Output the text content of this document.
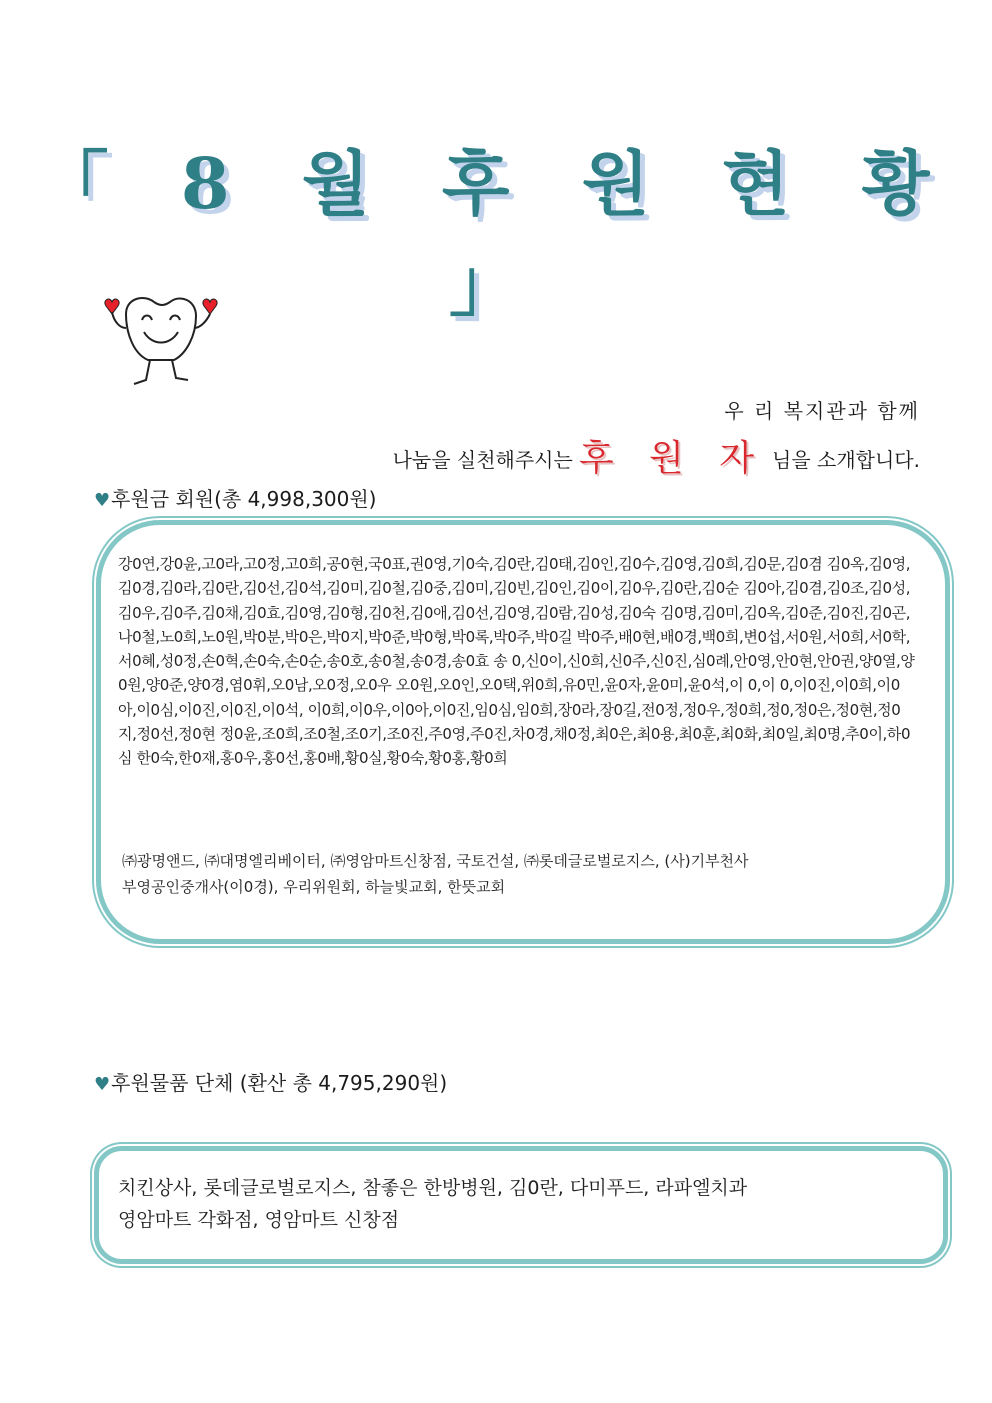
「 8 월 후 원 현 황 」
우 리 복지관과 함께
나눔을 실천해주시는 후 원 자 님을 소개합니다.
♥후원금 회원(총 4,998,300원)
강0연,강0윤,고0라,고0정,고0희,공0현,국0표,권0영,기0숙,김0란,김0태,김0인,김0수,김0영,김0희,김0문,김0겸 김0옥,김0영,김0경,김0라,김0란,김0선,김0석,김0미,김0철,김0중,김0미,김0빈,김0인,김0이,김0우,김0란,김0순 김0아,김0겸,김0조,김0성,김0우,김0주,김0채,김0효,김0영,김0형,김0천,김0애,김0선,김0영,김0람,김0성,김0숙 김0명,김0미,김0옥,김0준,김0진,김0곤,나0철,노0희,노0원,박0분,박0은,박0지,박0준,박0형,박0록,박0주,박0길 박0주,배0현,배0경,백0희,변0섭,서0원,서0희,서0학,서0혜,성0정,손0혁,손0숙,손0순,송0호,송0철,송0경,송0효 송 0,신0이,신0희,신0주,신0진,심0례,안0영,안0현,안0권,양0열,양0원,양0준,양0경,염0휘,오0남,오0정,오0우 오0원,오0인,오0택,위0희,유0민,윤0자,윤0미,윤0석,이 0,이 0,이0진,이0희,이0아,이0심,이0진,이0진,이0석, 이0희,이0우,이0아,이0진,임0심,임0희,장0라,장0길,전0정,정0우,정0희,정0,정0은,정0현,정0지,정0선,정0현 정0윤,조0희,조0철,조0기,조0진,주0영,주0진,차0경,채0정,최0은,최0용,최0훈,최0화,최0일,최0명,추0이,하0심 한0숙,한0재,홍0우,홍0선,홍0배,황0실,황0숙,황0홍,황0희
㈜광명앤드, ㈜대명엘리베이터, ㈜영암마트신창점, 국토건설, ㈜롯데글로벌로지스, (사)기부천사
부영공인중개사(이0경), 우리위원회, 하늘빛교회, 한뜻교회
♥후원물품 단체 (환산 총 4,795,290원)
치킨상사, 롯데글로벌로지스, 참좋은 한방병원, 김0란, 다미푸드, 라파엘치과
영암마트 각화점, 영암마트 신창점
